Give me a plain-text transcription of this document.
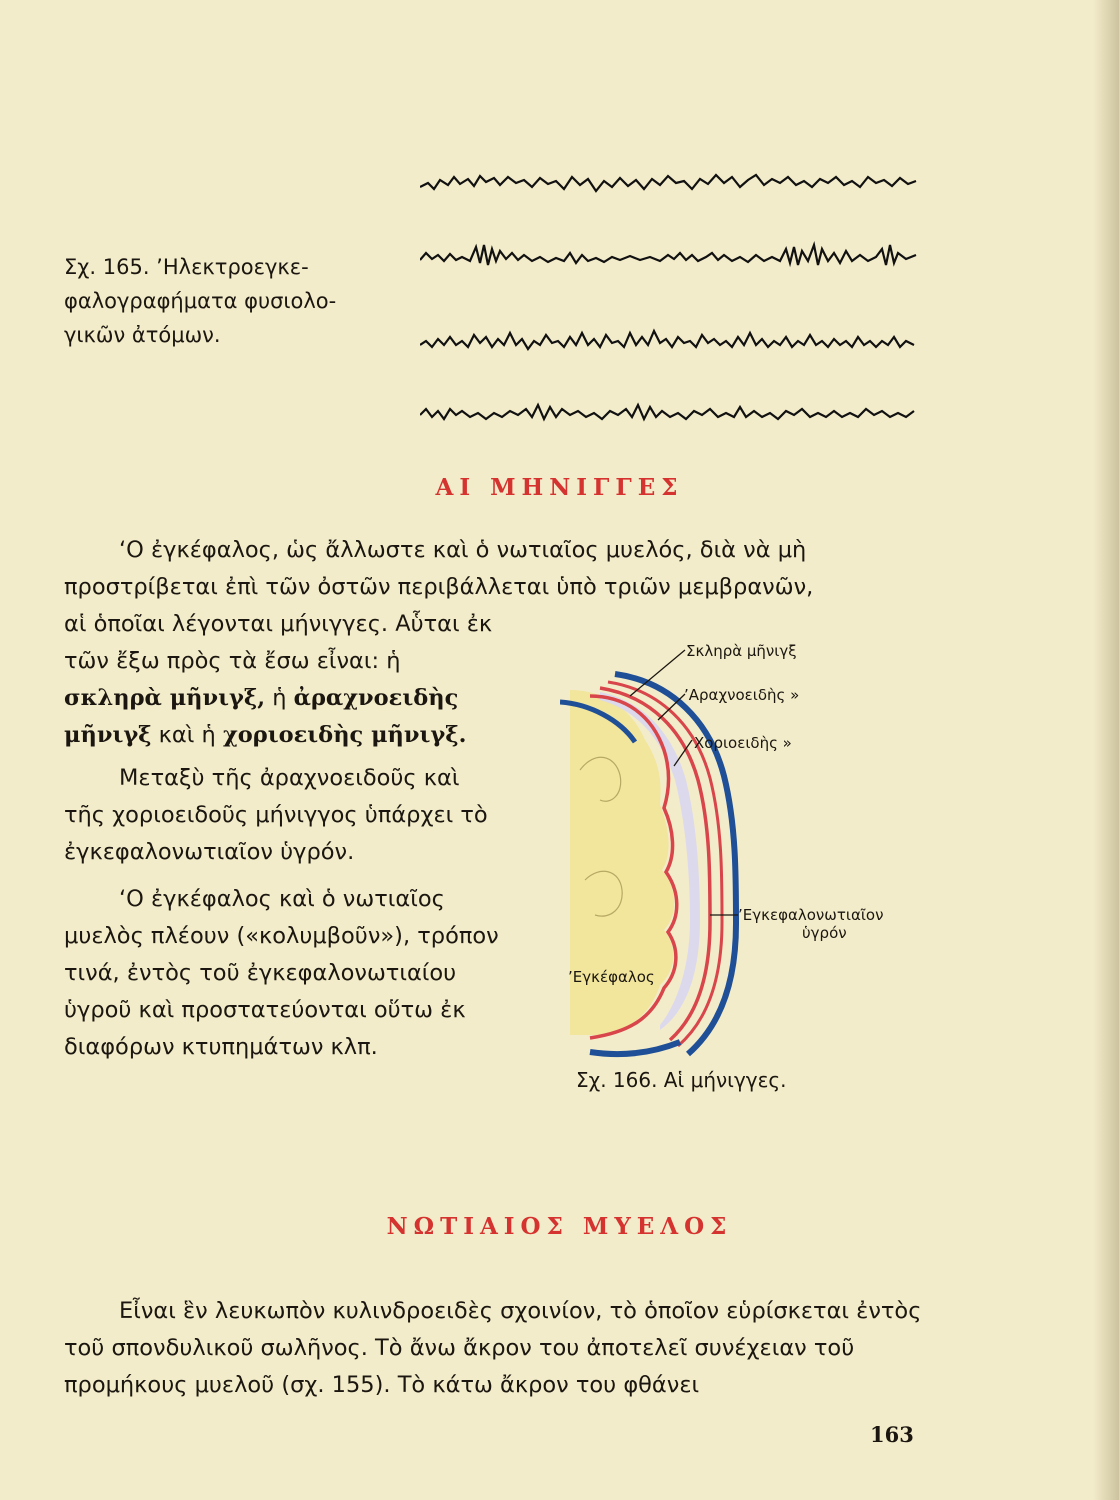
Σχ. 165. ’Ηλεκτροεγκε-φαλογραφήματα φυσιολο-γικῶν ἀτόμων.
ΑΙ ΜΗΝΙΓΓΕΣ

‘Ο ἐγκέφαλος, ὡς ἄλλωστε καὶ ὁ νωτιαῖος μυελός, διὰ νὰ μὴ προστρίβεται ἐπὶ τῶν ὀστῶν περιβάλλεται ὑπὸ τριῶν μεμβρανῶν,

αἱ ὁποῖαι λέγονται μήνιγγες. Αὗται ἐκ τῶν ἔξω πρὸς τὰ ἔσω εἶναι: ἡ σκληρὰ μῆνιγξ, ἡ ἀραχνοειδὴς μῆνιγξ καὶ ἡ χοριοειδὴς μῆνιγξ.

Μεταξὺ τῆς ἀραχνοειδοῦς καὶ τῆς χοριοειδοῦς μήνιγγος ὑπάρχει τὸ ἐγκεφαλονωτιαῖον ὑγρόν.

‘Ο ἐγκέφαλος καὶ ὁ νωτιαῖος μυελὸς πλέουν («κολυμβοῦν»), τρόπον τινά, ἐντὸς τοῦ ἐγκεφαλονωτιαίου ὑγροῦ καὶ προστατεύονται οὕτω ἐκ διαφόρων κτυπημάτων κλπ.

Σκληρὰ μῆνιγξ
’Αραχνοειδὴς »
Χοριοειδὴς »
’Εγκεφαλονωτιαῖον
ὑγρόν
’Εγκέφαλος
Σχ. 166. Αἱ μήνιγγες.
ΝΩΤΙΑΙΟΣ ΜΥΕΛΟΣ

Εἶναι ἓν λευκωπὸν κυλινδροειδὲς σχοινίον, τὸ ὁποῖον εὑρίσκεται ἐντὸς τοῦ σπονδυλικοῦ σωλῆνος. Τὸ ἄνω ἄκρον του ἀποτελεῖ συνέχειαν τοῦ προμήκους μυελοῦ (σχ. 155). Τὸ κάτω ἄκρον του φθάνει

163
